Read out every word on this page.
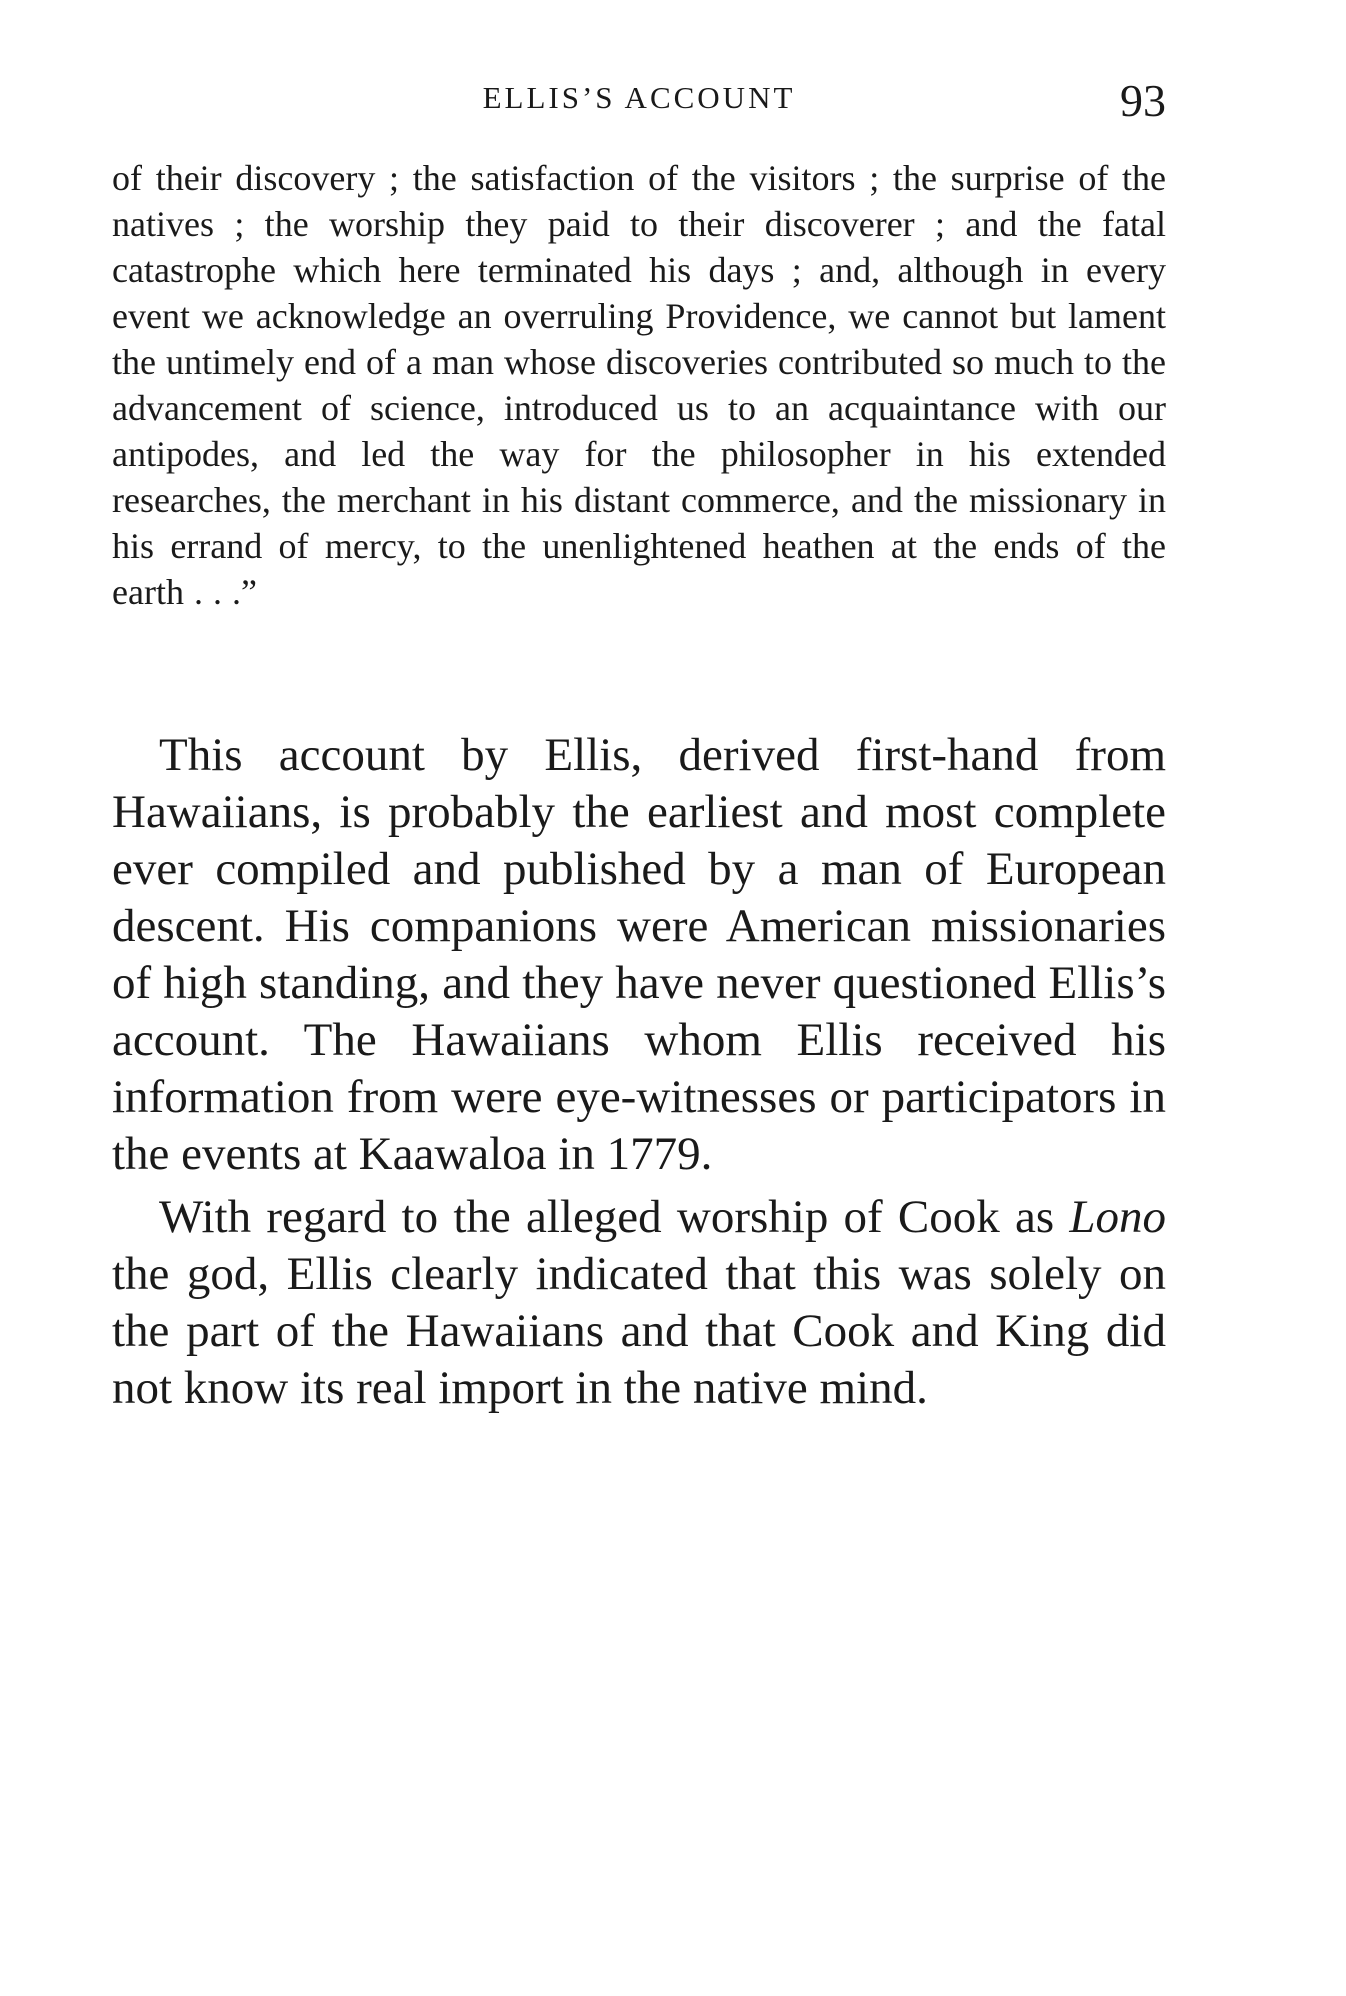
ELLIS’S ACCOUNT	93

of their discovery ; the satisfaction of the visitors ; the surprise of the natives ; the worship they paid to their discoverer ; and the fatal catastrophe which here terminated his days ; and, although in every event we acknowledge an overruling Providence, we cannot but lament the untimely end of a man whose discoveries contributed so much to the advancement of science, introduced us to an acquaintance with our antipodes, and led the way for the philosopher in his extended researches, the merchant in his distant commerce, and the missionary in his errand of mercy, to the unenlightened heathen at the ends of the earth . . .”

This account by Ellis, derived first-hand from Hawaiians, is probably the earliest and most complete ever compiled and published by a man of European descent. His companions were American missionaries of high standing, and they have never questioned Ellis’s account. The Hawaiians whom Ellis received his information from were eye-witnesses or participators in the events at Kaawaloa in 1779.

With regard to the alleged worship of Cook as Lono the god, Ellis clearly indicated that this was solely on the part of the Hawaiians and that Cook and King did not know its real import in the native mind.
